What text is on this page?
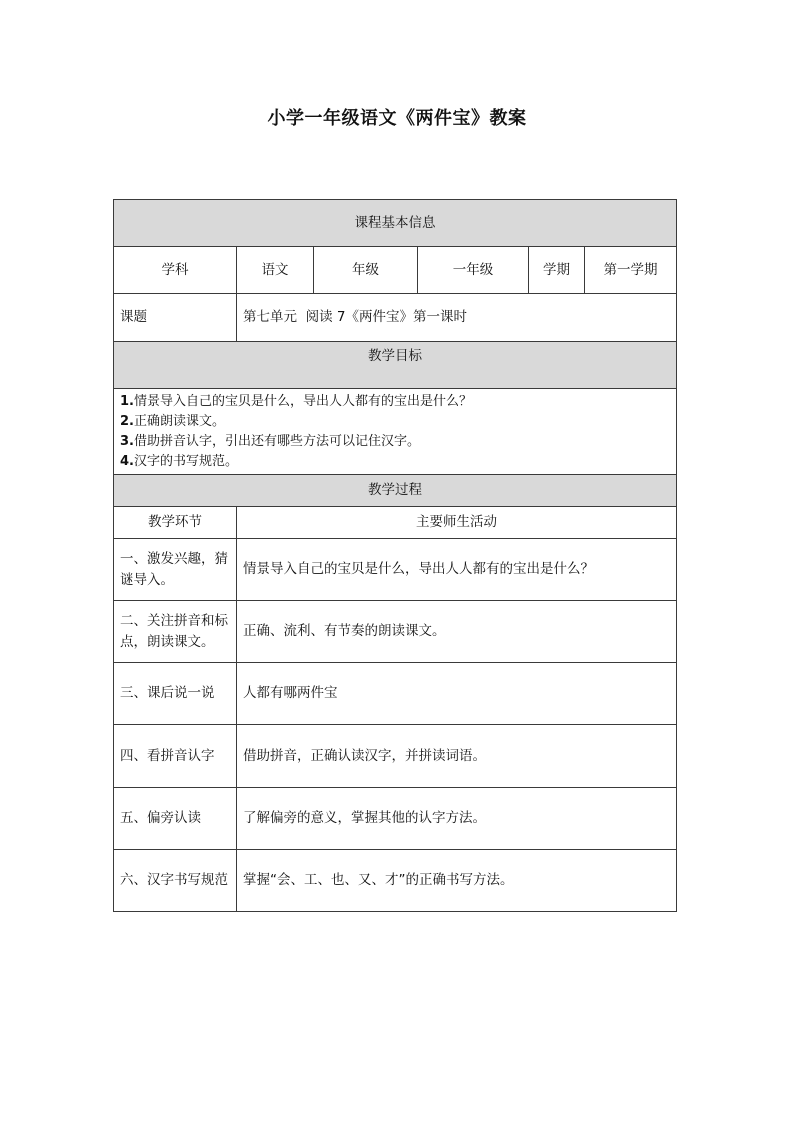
小学一年级语文《两件宝》教案
课程基本信息					
学科	语文	年级	一年级	学期	第一学期
课题	第七单元  阅读 7《两件宝》第一课时				
教学目标					

1.情景导入自己的宝贝是什么，导出人人都有的宝出是什么？
2.正确朗读课文。
3.借助拼音认字，引出还有哪些方法可以记住汉字。
4.汉字的书写规范。					

教学过程					
教学环节	主要师生活动				
一、激发兴趣，猜谜导入。	情景导入自己的宝贝是什么，导出人人都有的宝出是什么？				
二、关注拼音和标点，朗读课文。	正确、流利、有节奏的朗读课文。				
三、课后说一说	人都有哪两件宝				
四、看拼音认字	借助拼音，正确认读汉字，并拼读词语。				
五、偏旁认读	了解偏旁的意义，掌握其他的认字方法。				
六、汉字书写规范	掌握“会、工、也、又、才”的正确书写方法。				
